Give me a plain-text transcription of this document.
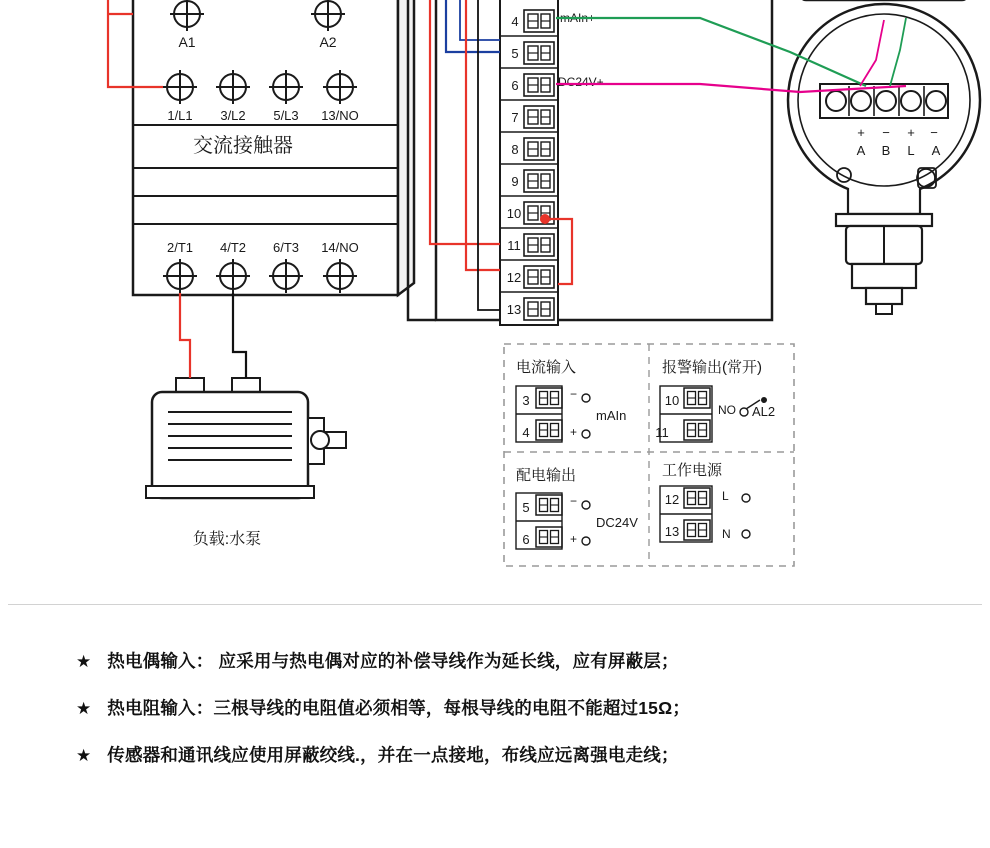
A1	A2
1/L1 3/L2 5/L3 13/NO
交流接触器
2/T1 4/T2 6/T3 14/NO
负载:水泵
4	mAIn+
5
6	DC24V+
7
8
9
10
11
12
13
+ − + −
A B L A
电流输入
3	−
4	+
mAIn
配电输出
5	−
6	+
DC24V
报警输出(常开)
10
11
NO AL2
工作电源
12
13
L
N
★ 热电偶输入： 应采用与热电偶对应的补偿导线作为延长线，应有屏蔽层；
★ 热电阻输入：三根导线的电阻值必须相等，每根导线的电阻不能超过15Ω；
★ 传感器和通讯线应使用屏蔽绞线.，并在一点接地，布线应远离强电走线；
